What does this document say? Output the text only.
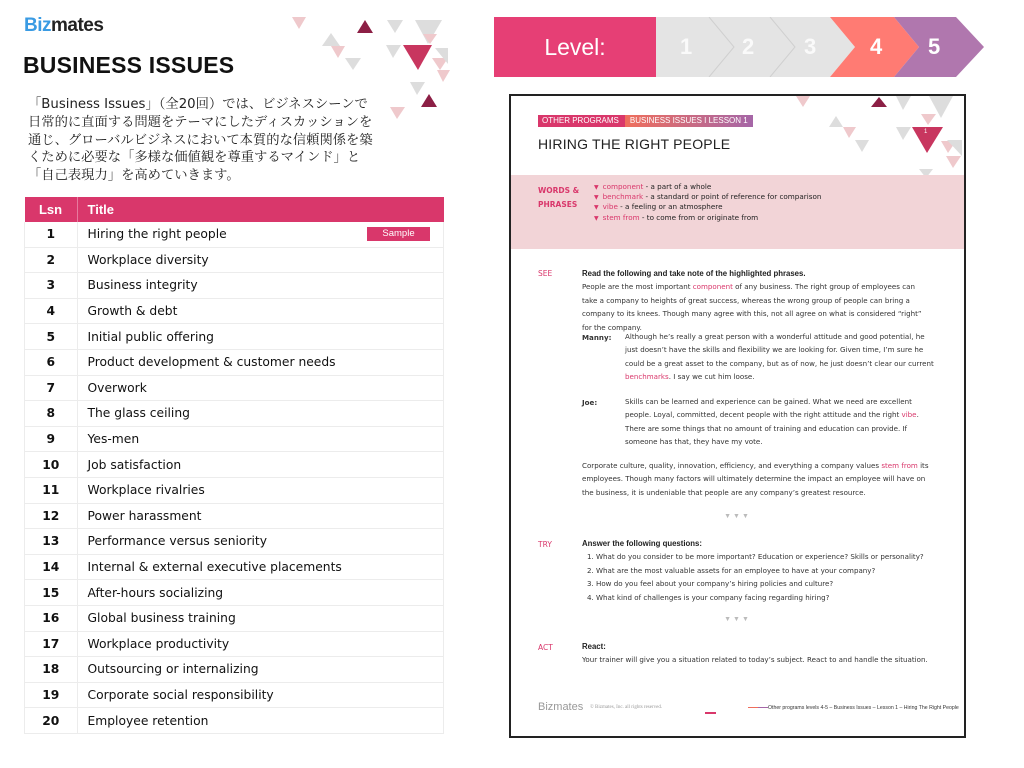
Bizmates
BUSINESS ISSUES
「Business Issues」（全20回）では、ビジネスシーンで日常的に直面する問題をテーマにしたディスカッションを通じ、グローバルビジネスにおいて本質的な信頼関係を築くために必要な「多様な価値観を尊重するマインド」と「自己表現力」を高めていきます。
Lsn	Title
1	Hiring the right people Sample

2	Workplace diversity
3	Business integrity
4	Growth & debt
5	Initial public offering
6	Product development & customer needs
7	Overwork
8	The glass ceiling
9	Yes-men
10	Job satisfaction
11	Workplace rivalries
12	Power harassment
13	Performance versus seniority
14	Internal & external executive placements
15	After-hours socializing
16	Global business training
17	Workplace productivity
18	Outsourcing or internalizing
19	Corporate social responsibility
20	Employee retention
Level:	1 2 3 4 5
1
OTHER PROGRAMS	BUSINESS ISSUES I LESSON 1
HIRING THE RIGHT PEOPLE
WORDS &
PHRASES
▼ component - a part of a whole
▼ benchmark - a standard or point of reference for comparison
▼ vibe - a feeling or an atmosphere
▼ stem from - to come from or originate from
SEE	Read the following and take note of the highlighted phrases.
People are the most important component of any business. The right group of employees can take a company to heights of great success, whereas the wrong group of people can bring a company to its knees. Though many agree with this, not all agree on what is considered “right” for the company.
Manny: Although he’s really a great person with a wonderful attitude and good potential, he just doesn’t have the skills and flexibility we are looking for. Given time, I’m sure he could be a great asset to the company, but as of now, he just doesn’t clear our current benchmarks. I say we cut him loose.
Joe:	Skills can be learned and experience can be gained. What we need are excellent people. Loyal, committed, decent people with the right attitude and the right vibe. There are some things that no amount of training and education can provide. If someone has that, they have my vote.
Corporate culture, quality, innovation, efficiency, and everything a company values stem from its employees. Though many factors will ultimately determine the impact an employee will have on the business, it is undeniable that people are any company’s greatest resource.
▼▼▼
TRY	Answer the following questions:
1. What do you consider to be more important? Education or experience? Skills or personality?
2. What are the most valuable assets for an employee to have at your company?
3. How do you feel about your company’s hiring policies and culture?
4. What kind of challenges is your company facing regarding hiring?
▼▼▼
ACT	React:
Your trainer will give you a situation related to today’s subject. React to and handle the situation.
Bizmates © Bizmates, Inc. all rights reserved.	Other programs levels 4-5 – Business Issues – Lesson 1 – Hiring The Right People
